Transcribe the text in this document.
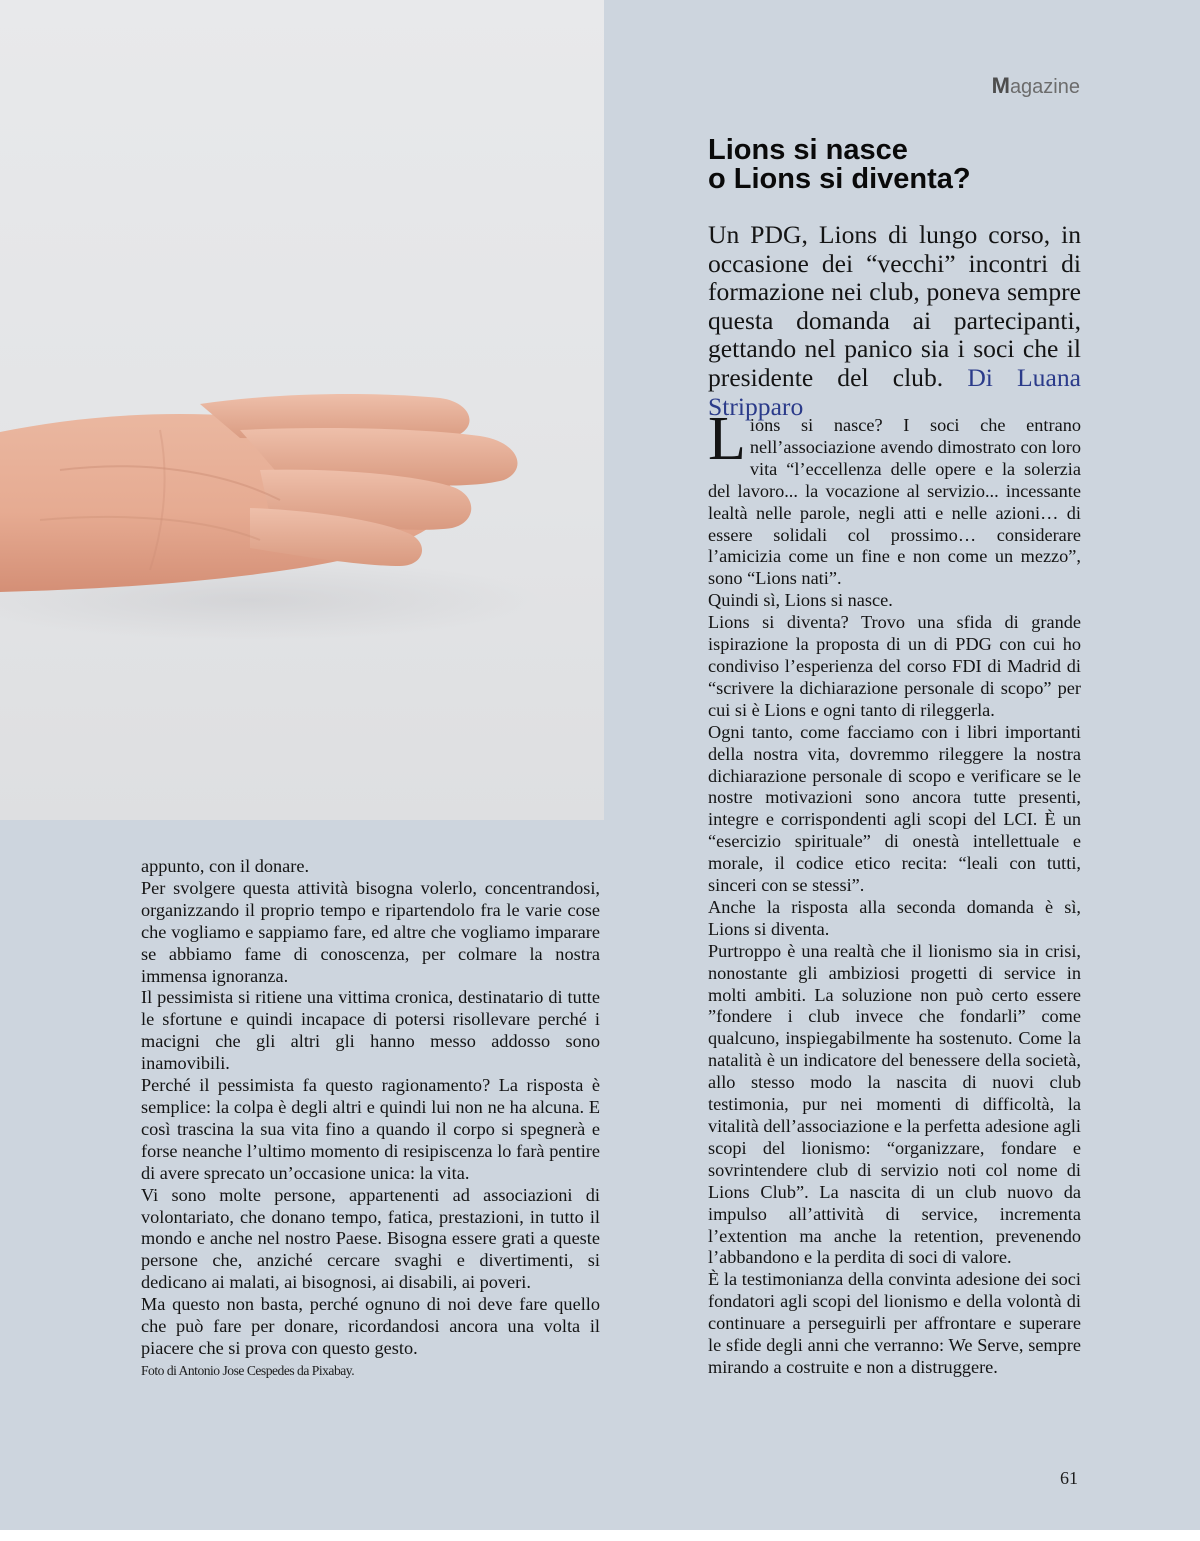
Magazine
Lions si nasce
o Lions si diventa?

Un PDG, Lions di lungo corso, in occasione dei “vecchi” incontri di formazione nei club, poneva sempre questa domanda ai partecipanti, gettando nel panico sia i soci che il presidente del club. Di Luana Stripparo

Lions si nasce? I soci che entrano nell’associazione avendo dimostrato con loro vita “l’eccellenza delle opere e la solerzia del lavoro... la vocazione al servizio... incessante lealtà nelle parole, negli atti e nelle azioni… di essere solidali col prossimo… considerare l’amicizia come un fine e non come un mezzo”, sono “Lions nati”.

Quindi sì, Lions si nasce.

Lions si diventa? Trovo una sfida di grande ispirazione la proposta di un di PDG con cui ho condiviso l’esperienza del corso FDI di Madrid di “scrivere la dichiarazione personale di scopo” per cui si è Lions e ogni tanto di rileggerla.

Ogni tanto, come facciamo con i libri importanti della nostra vita, dovremmo rileggere la nostra dichiarazione personale di scopo e verificare se le nostre motivazioni sono ancora tutte presenti, integre e corrispondenti agli scopi del LCI. È un “esercizio spirituale” di onestà intellettuale e morale, il codice etico recita: “leali con tutti, sinceri con se stessi”.

Anche la risposta alla seconda domanda è sì, Lions si diventa.

Purtroppo è una realtà che il lionismo sia in crisi, nonostante gli ambiziosi progetti di service in molti ambiti. La soluzione non può certo essere ”fondere i club invece che fondarli” come qualcuno, inspiegabilmente ha sostenuto. Come la natalità è un indicatore del benessere della società, allo stesso modo la nascita di nuovi club testimonia, pur nei momenti di difficoltà, la vitalità dell’associazione e la perfetta adesione agli scopi del lionismo: “organizzare, fondare e sovrintendere club di servizio noti col nome di Lions Club”. La nascita di un club nuovo da impulso all’attività di service, incrementa l’extention ma anche la retention, prevenendo l’abbandono e la perdita di soci di valore.

È la testimonianza della convinta adesione dei soci fondatori agli scopi del lionismo e della volontà di continuare a perseguirli per affrontare e superare le sfide degli anni che verranno: We Serve, sempre mirando a costruite e non a distruggere.

appunto, con il donare.

Per svolgere questa attività bisogna volerlo, concentrandosi, organizzando il proprio tempo e ripartendolo fra le varie cose che vogliamo e sappiamo fare, ed altre che vogliamo imparare se abbiamo fame di conoscenza, per colmare la nostra immensa ignoranza.

Il pessimista si ritiene una vittima cronica, destinatario di tutte le sfortune e quindi incapace di potersi risollevare perché i macigni che gli altri gli hanno messo addosso sono inamovibili.

Perché il pessimista fa questo ragionamento? La risposta è semplice: la colpa è degli altri e quindi lui non ne ha alcuna. E così trascina la sua vita fino a quando il corpo si spegnerà e forse neanche l’ultimo momento di resipiscenza lo farà pentire di avere sprecato un’occasione unica: la vita.

Vi sono molte persone, appartenenti ad associazioni di volontariato, che donano tempo, fatica, prestazioni, in tutto il mondo e anche nel nostro Paese. Bisogna essere grati a queste persone che, anziché cercare svaghi e divertimenti, si dedicano ai malati, ai bisognosi, ai disabili, ai poveri.

Ma questo non basta, perché ognuno di noi deve fare quello che può fare per donare, ricordandosi ancora una volta il piacere che si prova con questo gesto.

Foto di Antonio Jose Cespedes da Pixabay.
61
